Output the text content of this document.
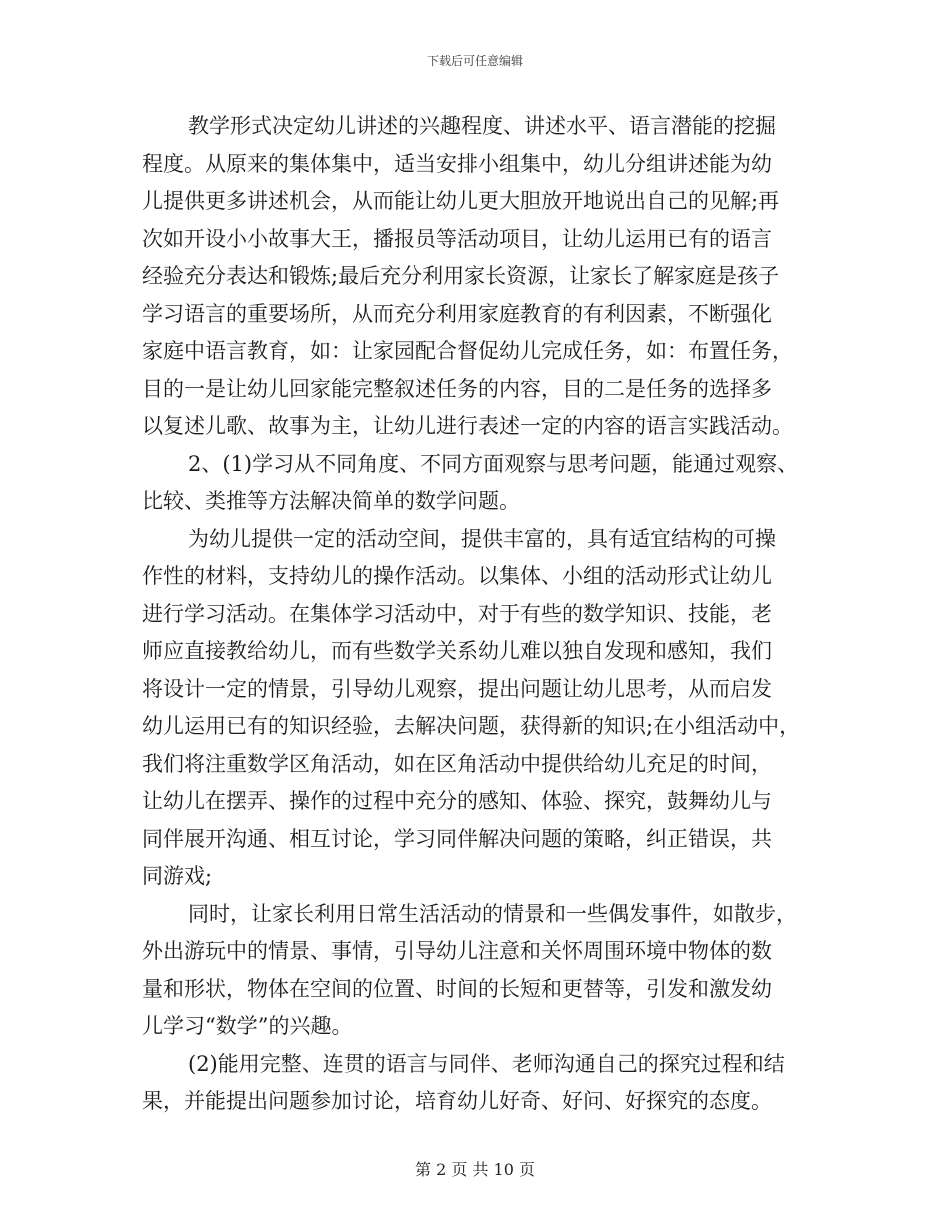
下载后可任意编辑
教学形式决定幼儿讲述的兴趣程度、讲述水平、语言潜能的挖掘
程度。从原来的集体集中，适当安排小组集中，幼儿分组讲述能为幼
儿提供更多讲述机会，从而能让幼儿更大胆放开地说出自己的见解;再
次如开设小小故事大王，播报员等活动项目，让幼儿运用已有的语言
经验充分表达和锻炼;最后充分利用家长资源，让家长了解家庭是孩子
学习语言的重要场所，从而充分利用家庭教育的有利因素，不断强化
家庭中语言教育，如：让家园配合督促幼儿完成任务，如：布置任务，
目的一是让幼儿回家能完整叙述任务的内容，目的二是任务的选择多
以复述儿歌、故事为主，让幼儿进行表述一定的内容的语言实践活动。
2、(1)学习从不同角度、不同方面观察与思考问题，能通过观察、
比较、类推等方法解决简单的数学问题。
为幼儿提供一定的活动空间，提供丰富的，具有适宜结构的可操
作性的材料，支持幼儿的操作活动。以集体、小组的活动形式让幼儿
进行学习活动。在集体学习活动中，对于有些的数学知识、技能，老
师应直接教给幼儿，而有些数学关系幼儿难以独自发现和感知，我们
将设计一定的情景，引导幼儿观察，提出问题让幼儿思考，从而启发
幼儿运用已有的知识经验，去解决问题，获得新的知识;在小组活动中，
我们将注重数学区角活动，如在区角活动中提供给幼儿充足的时间，
让幼儿在摆弄、操作的过程中充分的感知、体验、探究，鼓舞幼儿与
同伴展开沟通、相互讨论，学习同伴解决问题的策略，纠正错误，共
同游戏;
同时，让家长利用日常生活活动的情景和一些偶发事件，如散步，
外出游玩中的情景、事情，引导幼儿注意和关怀周围环境中物体的数
量和形状，物体在空间的位置、时间的长短和更替等，引发和激发幼
儿学习“数学”的兴趣。
(2)能用完整、连贯的语言与同伴、老师沟通自己的探究过程和结
果，并能提出问题参加讨论，培育幼儿好奇、好问、好探究的态度。
第 2 页 共 10 页
